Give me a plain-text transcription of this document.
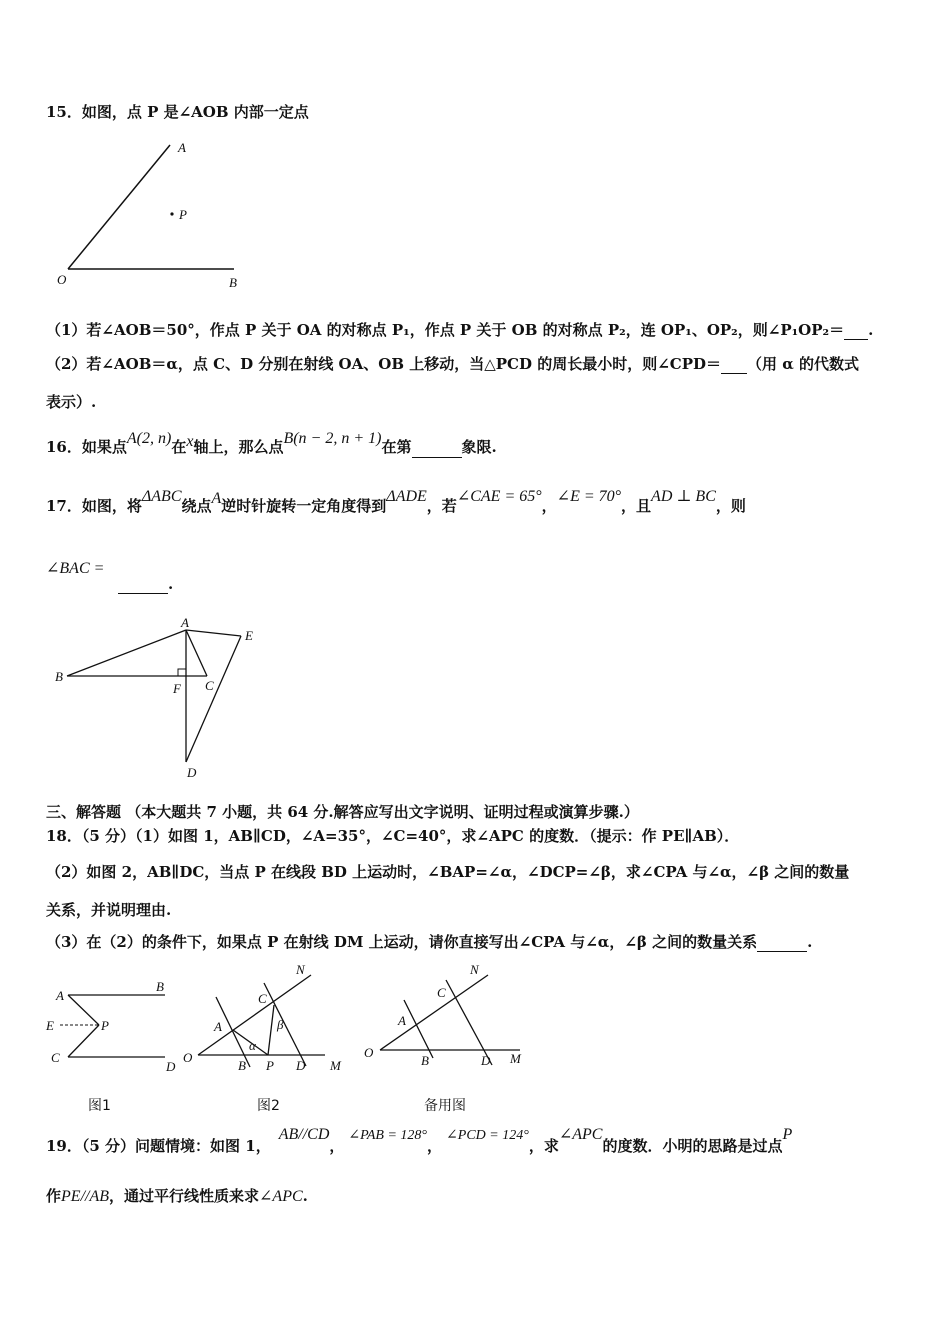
15．如图，点 P 是∠AOB 内部一定点
A
P
O	B
（1）若∠AOB＝50°，作点 P 关于 OA 的对称点 P₁，作点 P 关于 OB 的对称点 P₂，连 OP₁、OP₂，则∠P₁OP₂＝ .
（2）若∠AOB＝α，点 C、D 分别在射线 OA、OB 上移动，当△PCD 的周长最小时，则∠CPD＝ （用 α 的代数式
表示）.
16．如果点A(2, n)在x轴上，那么点B(n − 2, n + 1)在第	象限.
17．如图，将ΔABC绕点A逆时针旋转一定角度得到ΔADE，若∠CAE = 65°，∠E = 70°，且AD ⊥ BC，则
∠BAC =
.
A
E
B
F C
D
三、解答题 （本大题共 7 小题，共 64 分.解答应写出文字说明、证明过程或演算步骤.）
18．（5 分）（1）如图 1，AB∥CD，∠A=35°，∠C=40°，求∠APC 的度数．（提示：作 PE∥AB）．
（2）如图 2，AB∥DC，当点 P 在线段 BD 上运动时，∠BAP=∠α，∠DCP=∠β，求∠CPA 与∠α，∠β 之间的数量
关系，并说明理由.
（3）在（2）的条件下，如果点 P 在射线 DM 上运动，请你直接写出∠CPA 与∠α，∠β 之间的数量关系	.
A
B
E	P
C
D
N
C
A	β
α
O
B P D M
N
C
A
O
B	D M
图1	图2	备用图
19．（5 分）问题情境：如图 1，AB//CD，∠PAB = 128°，∠PCD = 124°，求∠APC的度数．小明的思路是过点P
作PE//AB，通过平行线性质来求∠APC.
